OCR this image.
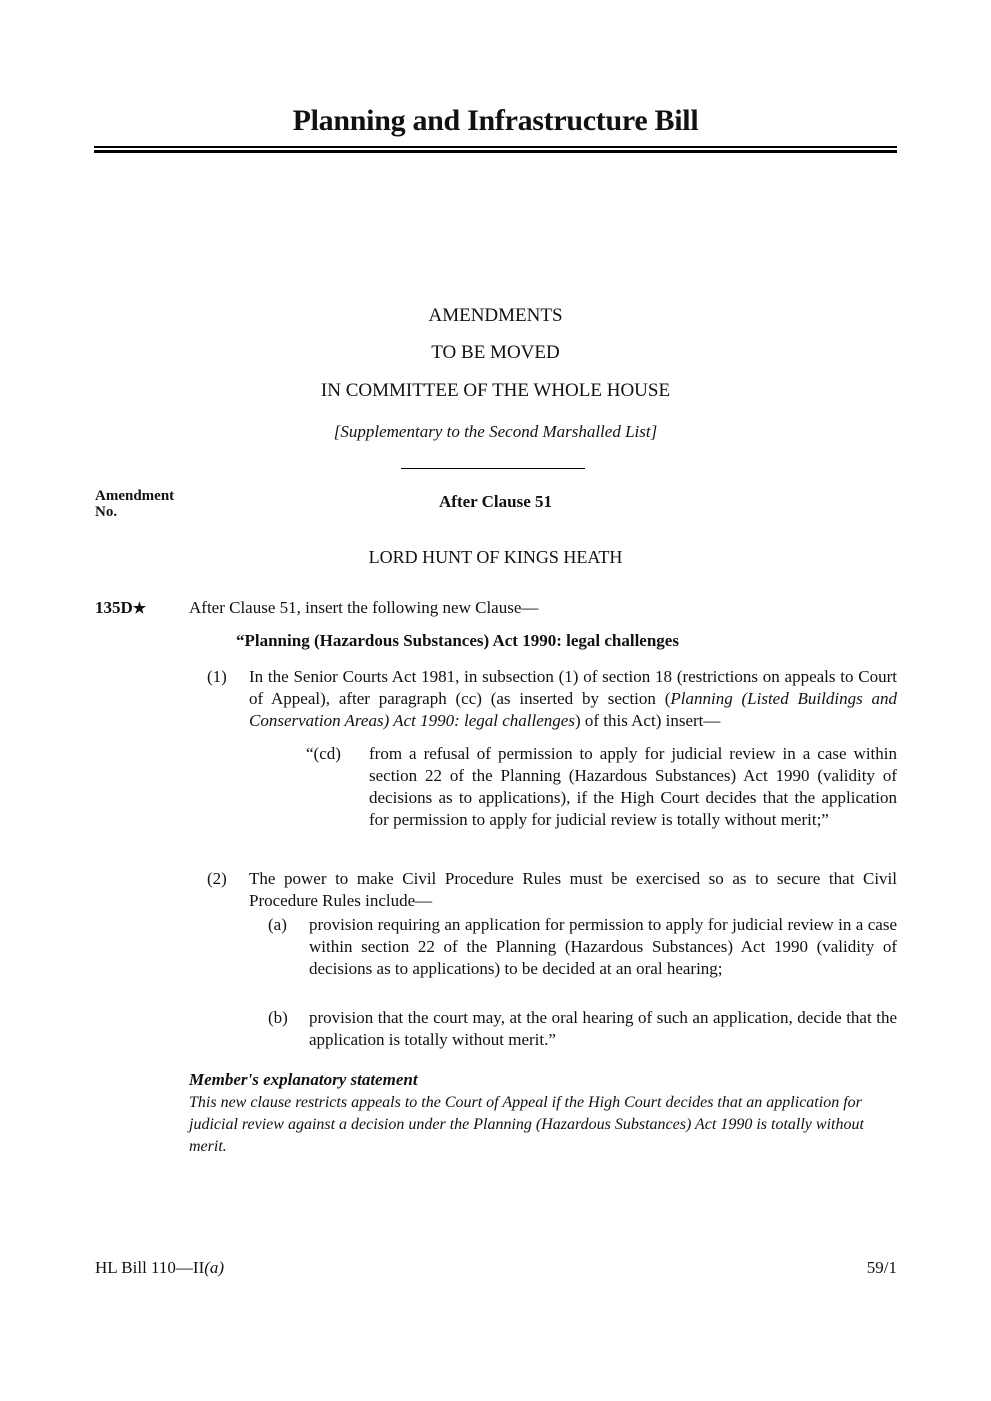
Planning and Infrastructure Bill
AMENDMENTS
TO BE MOVED
IN COMMITTEE OF THE WHOLE HOUSE
[Supplementary to the Second Marshalled List]
Amendment
No.
After Clause 51
LORD HUNT OF KINGS HEATH
135D★	After Clause 51, insert the following new Clause—
“Planning (Hazardous Substances) Act 1990: legal challenges
(1) In the Senior Courts Act 1981, in subsection (1) of section 18 (restrictions on appeals to Court of Appeal), after paragraph (cc) (as inserted by section (Planning (Listed Buildings and Conservation Areas) Act 1990: legal challenges) of this Act) insert—
“(cd) from a refusal of permission to apply for judicial review in a case within section 22 of the Planning (Hazardous Substances) Act 1990 (validity of decisions as to applications), if the High Court decides that the application for permission to apply for judicial review is totally without merit;”
(2) The power to make Civil Procedure Rules must be exercised so as to secure that Civil Procedure Rules include—
(a) provision requiring an application for permission to apply for judicial review in a case within section 22 of the Planning (Hazardous Substances) Act 1990 (validity of decisions as to applications) to be decided at an oral hearing;
(b) provision that the court may, at the oral hearing of such an application, decide that the application is totally without merit.”
Member's explanatory statement
This new clause restricts appeals to the Court of Appeal if the High Court decides that an application for judicial review against a decision under the Planning (Hazardous Substances) Act 1990 is totally without merit.
HL Bill 110—II(a)	59/1
